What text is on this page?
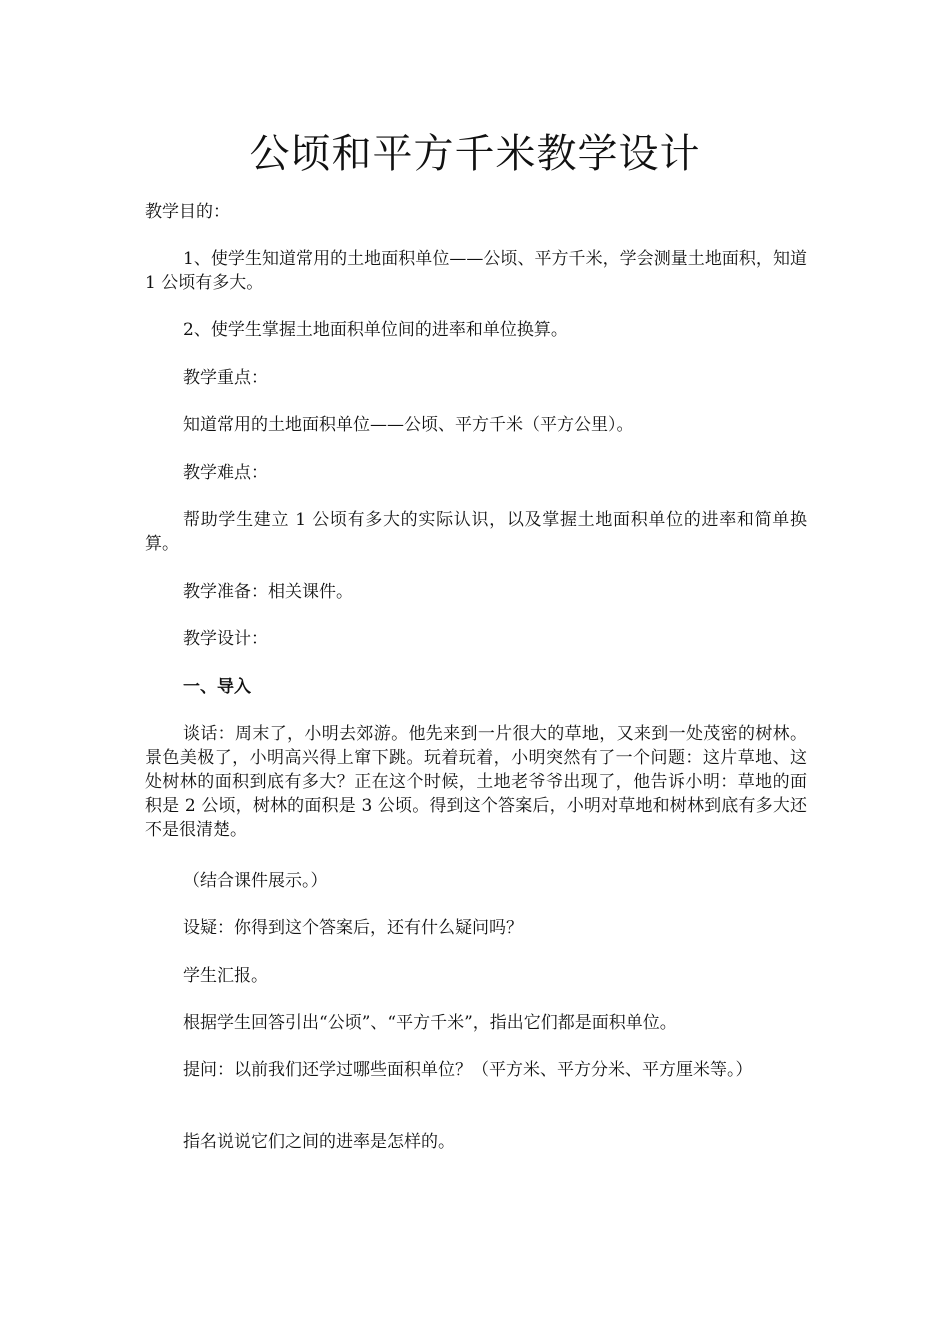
公顷和平方千米教学设计

教学目的：

1、使学生知道常用的土地面积单位——公顷、平方千米，学会测量土地面积，知道 1 公顷有多大。

2、使学生掌握土地面积单位间的进率和单位换算。

教学重点：

知道常用的土地面积单位——公顷、平方千米（平方公里）。

教学难点：

帮助学生建立 1 公顷有多大的实际认识，以及掌握土地面积单位的进率和简单换算。

教学准备：相关课件。

教学设计：

一、导入

谈话：周末了，小明去郊游。他先来到一片很大的草地，又来到一处茂密的树林。景色美极了，小明高兴得上窜下跳。玩着玩着，小明突然有了一个问题：这片草地、这处树林的面积到底有多大？正在这个时候，土地老爷爷出现了，他告诉小明：草地的面积是 2 公顷，树林的面积是 3 公顷。得到这个答案后，小明对草地和树林到底有多大还不是很清楚。

（结合课件展示。）

设疑：你得到这个答案后，还有什么疑问吗？

学生汇报。

根据学生回答引出“公顷”、“平方千米”，指出它们都是面积单位。

提问：以前我们还学过哪些面积单位？（平方米、平方分米、平方厘米等。）

指名说说它们之间的进率是怎样的。
